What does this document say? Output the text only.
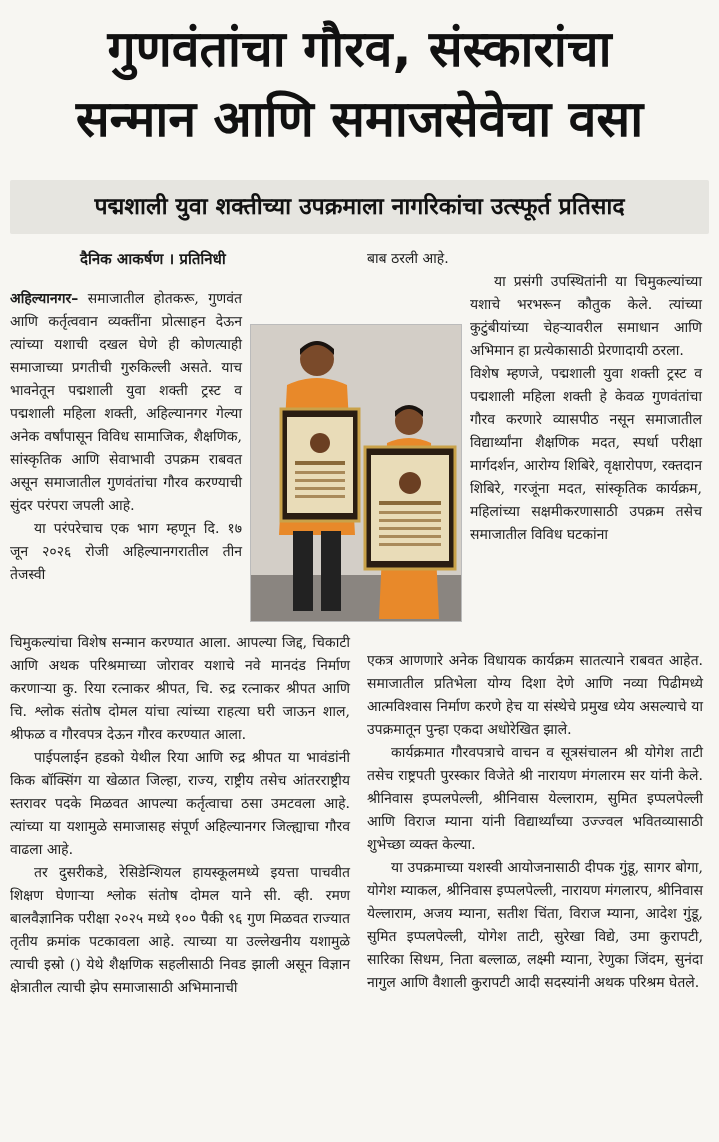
गुणवंतांचा गौरव, संस्कारांचा
सन्मान आणि समाजसेवेचा वसा
पद्मशाली युवा शक्तीच्या उपक्रमाला नागरिकांचा उत्स्फूर्त प्रतिसाद
दैनिक आकर्षण । प्रतिनिधी

अहिल्यानगर– समाजातील होतकरू, गुणवंत आणि कर्तृत्ववान व्यक्तींना प्रोत्साहन देऊन त्यांच्या यशाची दखल घेणे ही कोणत्याही समाजाच्या प्रगतीची गुरुकिल्ली असते. याच भावनेतून पद्मशाली युवा शक्ती ट्रस्ट व पद्मशाली महिला शक्ती, अहिल्यानगर गेल्या अनेक वर्षांपासून विविध सामाजिक, शैक्षणिक, सांस्कृतिक आणि सेवाभावी उपक्रम राबवत असून समाजातील गुणवंतांचा गौरव करण्याची सुंदर परंपरा जपली आहे.

या परंपरेचाच एक भाग म्हणून दि. १७ जून २०२६ रोजी अहिल्यानगरातील तीन तेजस्वी

चिमुकल्यांचा विशेष सन्मान करण्यात आला. आपल्या जिद्द, चिकाटी आणि अथक परिश्रमाच्या जोरावर यशाचे नवे मानदंड निर्माण करणाऱ्या कु. रिया रत्नाकर श्रीपत, चि. रुद्र रत्नाकर श्रीपत आणि चि. श्लोक संतोष दोमल यांचा त्यांच्या राहत्या घरी जाऊन शाल, श्रीफळ व गौरवपत्र देऊन गौरव करण्यात आला.

पाईपलाईन हडको येथील रिया आणि रुद्र श्रीपत या भावंडांनी किक बॉक्सिंग या खेळात जिल्हा, राज्य, राष्ट्रीय तसेच आंतरराष्ट्रीय स्तरावर पदके मिळवत आपल्या कर्तृत्वाचा ठसा उमटवला आहे. त्यांच्या या यशामुळे समाजासह संपूर्ण अहिल्यानगर जिल्ह्याचा गौरव वाढला आहे.

तर दुसरीकडे, रेसिडेन्शियल हायस्कूलमध्ये इयत्ता पाचवीत शिक्षण घेणाऱ्या श्लोक संतोष दोमल याने सी. व्ही. रमण बालवैज्ञानिक परीक्षा २०२५ मध्ये १०० पैकी ९६ गुण मिळवत राज्यात तृतीय क्रमांक पटकावला आहे. त्याच्या या उल्लेखनीय यशामुळे त्याची इस्रो () येथे शैक्षणिक सहलीसाठी निवड झाली असून विज्ञान क्षेत्रातील त्याची झेप समाजासाठी अभिमानाची

बाब ठरली आहे.

या प्रसंगी उपस्थितांनी या चिमुकल्यांच्या यशाचे भरभरून कौतुक केले. त्यांच्या कुटुंबीयांच्या चेहऱ्यावरील समाधान आणि अभिमान हा प्रत्येकासाठी प्रेरणादायी ठरला.

विशेष म्हणजे, पद्मशाली युवा शक्ती ट्रस्ट व पद्मशाली महिला शक्ती हे केवळ गुणवंतांचा गौरव करणारे व्यासपीठ नसून समाजातील विद्यार्थ्यांना शैक्षणिक मदत, स्पर्धा परीक्षा मार्गदर्शन, आरोग्य शिबिरे, वृक्षारोपण, रक्तदान शिबिरे, गरजूंना मदत, सांस्कृतिक कार्यक्रम, महिलांच्या सक्षमीकरणासाठी उपक्रम तसेच समाजातील विविध घटकांना

एकत्र आणणारे अनेक विधायक कार्यक्रम सातत्याने राबवत आहेत. समाजातील प्रतिभेला योग्य दिशा देणे आणि नव्या पिढीमध्ये आत्मविश्वास निर्माण करणे हेच या संस्थेचे प्रमुख ध्येय असल्याचे या उपक्रमातून पुन्हा एकदा अधोरेखित झाले.

कार्यक्रमात गौरवपत्राचे वाचन व सूत्रसंचालन श्री योगेश ताटी तसेच राष्ट्रपती पुरस्कार विजेते श्री नारायण मंगलारम सर यांनी केले. श्रीनिवास इप्पलपेल्ली, श्रीनिवास येल्लाराम, सुमित इप्पलपेल्ली आणि विराज म्याना यांनी विद्यार्थ्यांच्या उज्ज्वल भवितव्यासाठी शुभेच्छा व्यक्त केल्या.

या उपक्रमाच्या यशस्वी आयोजनासाठी दीपक गुंडू, सागर बोगा, योगेश म्याकल, श्रीनिवास इप्पलपेल्ली, नारायण मंगलारप, श्रीनिवास येल्लाराम, अजय म्याना, सतीश चिंता, विराज म्याना, आदेश गुंडू, सुमित इप्पलपेल्ली, योगेश ताटी, सुरेखा विद्ये, उमा कुरापटी, सारिका सिधम, निता बल्लाळ, लक्ष्मी म्याना, रेणुका जिंदम, सुनंदा नागुल आणि वैशाली कुरापटी आदी सदस्यांनी अथक परिश्रम घेतले.
